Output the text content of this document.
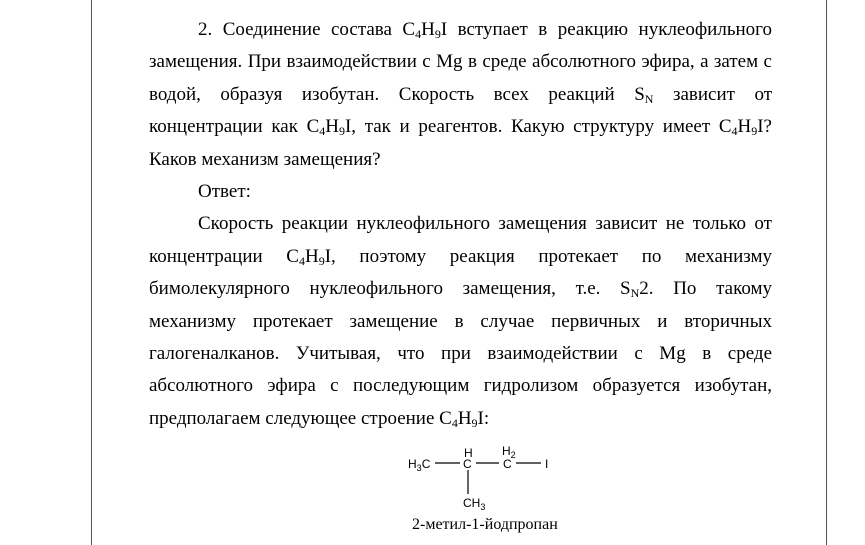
2. Соединение состава $C_4H_9I$ вступает в реакцию нуклеофильного замещения. При взаимодействии с Mg в среде абсолютного эфира, а затем с водой, образуя изобутан. Скорость всех реакций $S_N$ зависит от концентрации как $C_4H_9I$, так и реагентов. Какую структуру имеет $C_4H_9I$? Каков механизм замещения?

Ответ:

Скорость реакции нуклеофильного замещения зависит не только от концентрации $C_4H_9I$, поэтому реакция протекает по механизму бимолекулярного нуклеофильного замещения, т.е. $S_N2$. По такому механизму протекает замещение в случае первичных и вторичных галогеналканов. Учитывая, что при взаимодействии с Mg в среде абсолютного эфира с последующим гидролизом образуется изобутан, предполагаем следующее строение $C_4H_9I$:

$H_3C$
H
C
$H_2$
C	I
$CH_3$
2-метил-1-йодпропан
